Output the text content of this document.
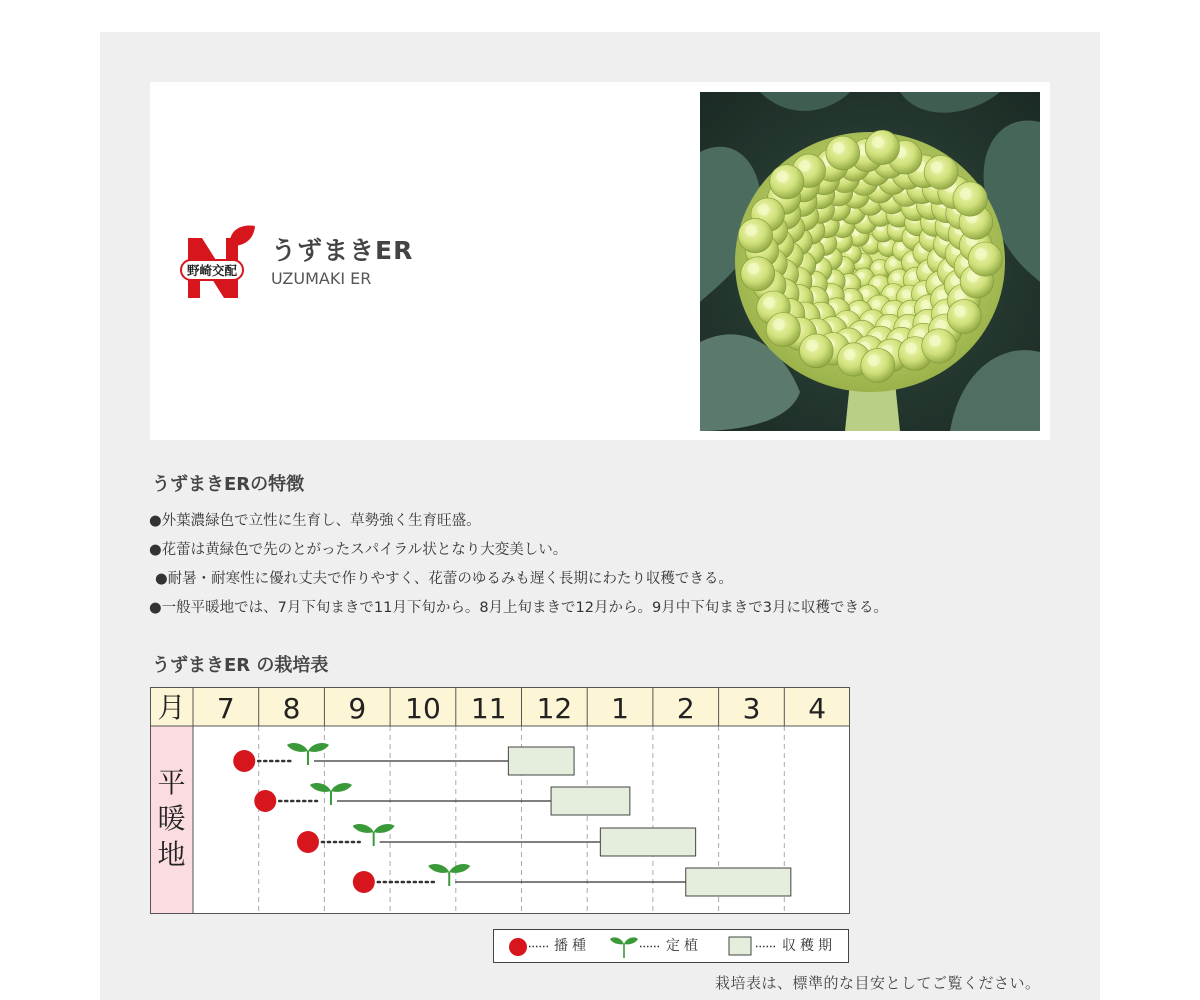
野崎交配
うずまきER
UZUMAKI ER
うずまきERの特徴
●外葉濃緑色で立性に生育し、草勢強く生育旺盛。
●花蕾は黄緑色で先のとがったスパイラル状となり大変美しい。
●耐暑・耐寒性に優れ丈夫で作りやすく、花蕾のゆるみも遅く長期にわたり収穫できる。
●一般平暖地では、7月下旬まきで11月下旬から。8月上旬まきで12月から。9月中下旬まきで3月に収穫できる。
うずまきER の栽培表
月 7 8 9 10 11 12 1 2 3 4
平
暖
地
播種	定植	収穫期
栽培表は、標準的な目安としてご覧ください。
